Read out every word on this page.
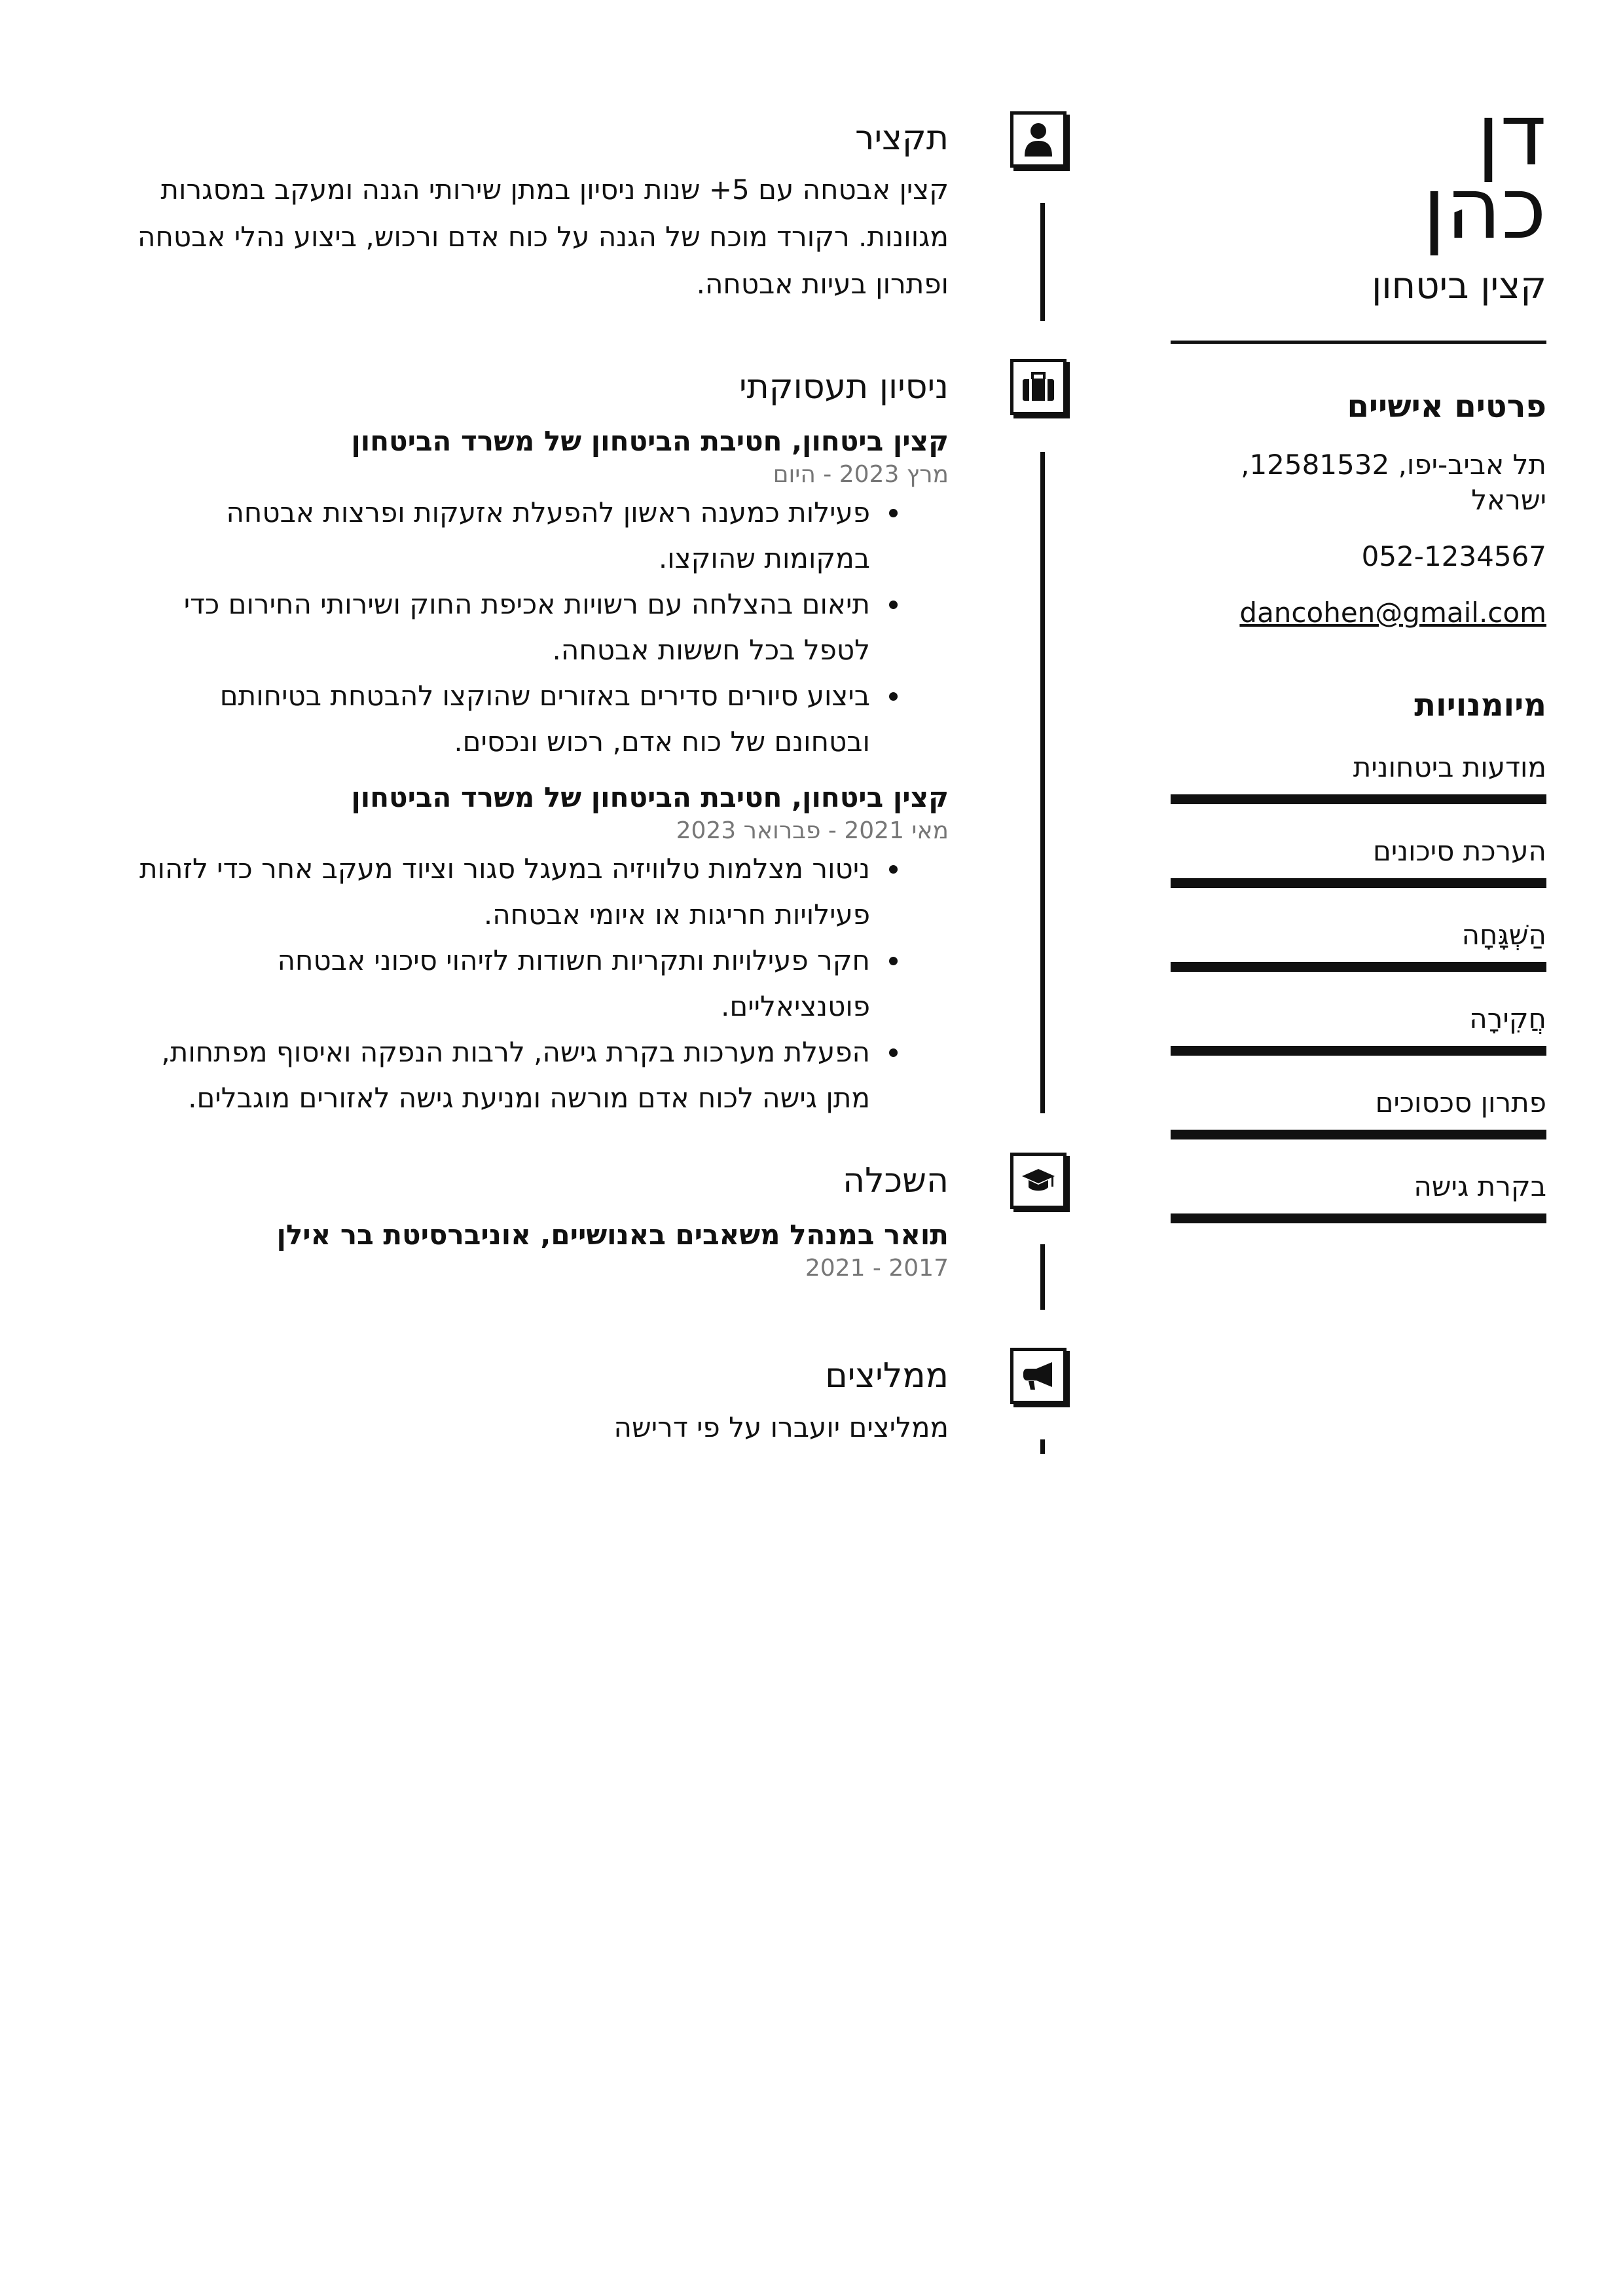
דן
כהן
קצין ביטחון
פרטים אישיים
תל אביב-יפו, 12581532, ישראל
052-1234567
dancohen@gmail.com
מיומנויות
מודעות ביטחונית
הערכת סיכונים
הַשְׁגָּחָה
חֲקִירָה
פתרון סכסוכים
בקרת גישה
תקציר
קצין אבטחה עם 5+ שנות ניסיון במתן שירותי הגנה ומעקב במסגרות מגוונות. רקורד מוכח של הגנה על כוח אדם ורכוש, ביצוע נהלי אבטחה ופתרון בעיות אבטחה.
ניסיון תעסוקתי
קצין ביטחון, חטיבת הביטחון של משרד הביטחון
מרץ 2023 - היום
פעילות כמענה ראשון להפעלת אזעקות ופרצות אבטחה במקומות שהוקצו.
תיאום בהצלחה עם רשויות אכיפת החוק ושירותי החירום כדי לטפל בכל חששות אבטחה.
ביצוע סיורים סדירים באזורים שהוקצו להבטחת בטיחותם ובטחונם של כוח אדם, רכוש ונכסים.
קצין ביטחון, חטיבת הביטחון של משרד הביטחון
מאי 2021 - פברואר 2023
ניטור מצלמות טלוויזיה במעגל סגור וציוד מעקב אחר כדי לזהות פעילויות חריגות או איומי אבטחה.
חקר פעילויות ותקריות חשודות לזיהוי סיכוני אבטחה פוטנציאליים.
הפעלת מערכות בקרת גישה, לרבות הנפקה ואיסוף מפתחות, מתן גישה לכוח אדם מורשה ומניעת גישה לאזורים מוגבלים.
השכלה
תואר במנהל משאבים באנושיים, אוניברסיטת בר אילן
2017 - 2021
ממליצים
ממליצים יועברו על פי דרישה
